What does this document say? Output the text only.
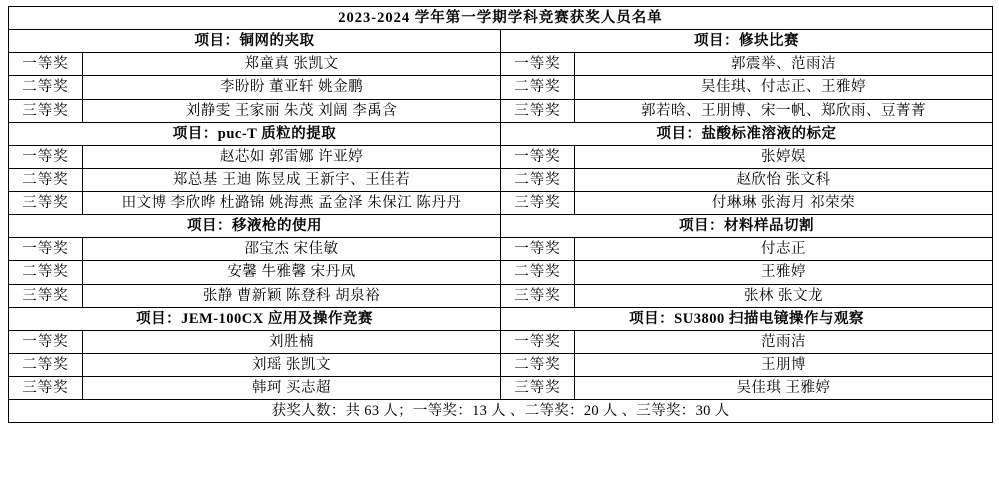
2023-2024 学年第一学期学科竞赛获奖人员名单			
项目：铜网的夹取		项目：修块比赛	
一等奖	郑童真 张凯文	一等奖	郭震举、范雨洁
二等奖	李盼盼 董亚轩 姚金鹏	二等奖	吴佳琪、付志正、王雅婷
三等奖	刘静雯 王家丽 朱茂 刘阔 李禹含	三等奖	郭若晗、王朋博、宋一帆、郑欣雨、豆菁菁
项目：puc-T 质粒的提取		项目：盐酸标准溶液的标定	
一等奖	赵芯如 郭雷娜 许亚婷	一等奖	张婷娱
二等奖	郑总基 王迪 陈昱成 王新宇、王佳若	二等奖	赵欣怡 张文科
三等奖	田文博 李欣晔 杜潞锦 姚海燕 孟金泽 朱保江 陈丹丹	三等奖	付琳琳 张海月 祁荣荣
项目：移液枪的使用		项目：材料样品切割	
一等奖	邵宝杰 宋佳敏	一等奖	付志正
二等奖	安馨 牛雅馨 宋丹凤	二等奖	王雅婷
三等奖	张静 曹新颖 陈登科 胡泉裕	三等奖	张林 张文龙
项目：JEM-100CX 应用及操作竞赛		项目：SU3800 扫描电镜操作与观察	
一等奖	刘胜楠	一等奖	范雨洁
二等奖	刘瑶 张凯文	二等奖	王朋博
三等奖	韩珂 买志超	三等奖	吴佳琪 王雅婷
获奖人数：共 63 人；一等奖：13 人 、二等奖：20 人 、三等奖：30 人			
